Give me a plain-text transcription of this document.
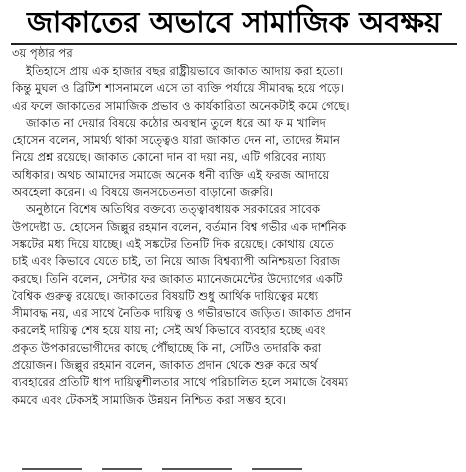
জাকাতের অভাবে সামাজিক অবক্ষয়
৩য় পৃষ্ঠার পর
ইতিহাসে প্রায় এক হাজার বছর রাষ্ট্রীয়ভাবে জাকাত আদায় করা হতো।
কিন্তু মুঘল ও ব্রিটিশ শাসনামলে এসে তা ব্যক্তি পর্যায়ে সীমাবদ্ধ হয়ে পড়ে।
এর ফলে জাকাতের সামাজিক প্রভাব ও কার্যকারিতা অনেকটাই কমে গেছে।
জাকাত না দেয়ার বিষয়ে কঠোর অবস্থান তুলে ধরে আ ফ ম খালিদ
হোসেন বলেন, সামর্থ্য থাকা সত্ত্বেও যারা জাকাত দেন না, তাদের ঈমান
নিয়ে প্রশ্ন রয়েছে। জাকাত কোনো দান বা দয়া নয়, এটি গরিবের ন্যায্য
অধিকার। অথচ আমাদের সমাজে অনেক ধনী ব্যক্তি এই ফরজ আদায়ে
অবহেলা করেন। এ বিষয়ে জনসচেতনতা বাড়ানো জরুরি।
অনুষ্ঠানে বিশেষ অতিথির বক্তব্যে তত্ত্বাবধায়ক সরকারের সাবেক
উপদেষ্টা ড. হোসেন জিল্লুর রহমান বলেন, বর্তমান বিশ্ব গভীর এক দার্শনিক
সঙ্কটের মধ্য দিয়ে যাচ্ছে। এই সঙ্কটের তিনটি দিক রয়েছে। কোথায় যেতে
চাই এবং কিভাবে যেতে চাই, তা নিয়ে আজ বিশ্বব্যাপী অনিশ্চয়তা বিরাজ
করছে। তিনি বলেন, সেন্টার ফর জাকাত ম্যানেজমেন্টের উদ্যোগের একটি
বৈশ্বিক গুরুত্ব রয়েছে। জাকাতের বিষয়টি শুধু আর্থিক দায়িত্বের মধ্যে
সীমাবদ্ধ নয়, এর সাথে নৈতিক দায়িত্ব ও গভীরভাবে জড়িত। জাকাত প্রদান
করলেই দায়িত্ব শেষ হয়ে যায় না; সেই অর্থ কিভাবে ব্যবহার হচ্ছে এবং
প্রকৃত উপকারভোগীদের কাছে পৌঁছাচ্ছে কি না, সেটিও তদারকি করা
প্রয়োজন। জিল্লুর রহমান বলেন, জাকাত প্রদান থেকে শুরু করে অর্থ
ব্যবহারের প্রতিটি ধাপ দায়িত্বশীলতার সাথে পরিচালিত হলে সমাজে বৈষম্য
কমবে এবং টেকসই সামাজিক উন্নয়ন নিশ্চিত করা সম্ভব হবে।
